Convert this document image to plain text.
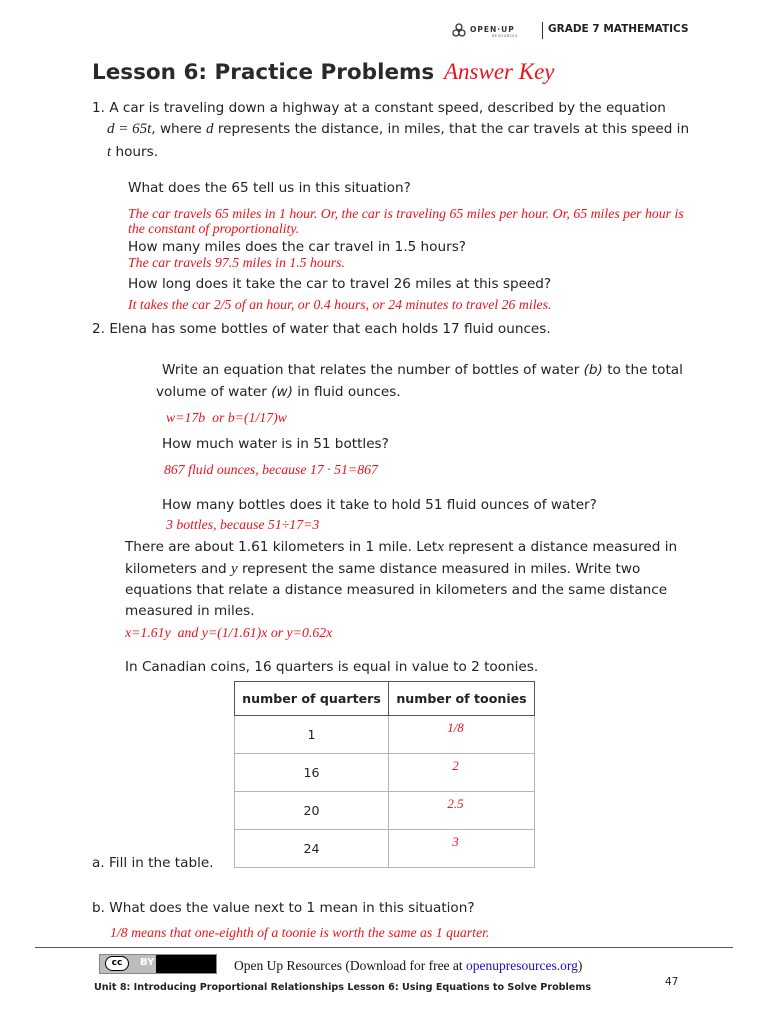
OPEN·UP
RESOURCES
GRADE 7 MATHEMATICS
Lesson 6: Practice Problems Answer Key
1. A car is traveling down a highway at a constant speed, described by the equation
d = 65t, where d represents the distance, in miles, that the car travels at this speed in
t hours.
What does the 65 tell us in this situation?
The car travels 65 miles in 1 hour. Or, the car is traveling 65 miles per hour. Or, 65 miles per hour is
the constant of proportionality.
How many miles does the car travel in 1.5 hours?
The car travels 97.5 miles in 1.5 hours.
How long does it take the car to travel 26 miles at this speed?
It takes the car 2/5 of an hour, or 0.4 hours, or 24 minutes to travel 26 miles.
2. Elena has some bottles of water that each holds 17 fluid ounces.
Write an equation that relates the number of bottles of water (b) to the total
volume of water (w) in fluid ounces.
w=17b  or b=(1/17)w
How much water is in 51 bottles?
867 fluid ounces, because 17 · 51=867
How many bottles does it take to hold 51 fluid ounces of water?
3 bottles, because 51÷17=3
There are about 1.61 kilometers in 1 mile. Letx represent a distance measured in
kilometers and y represent the same distance measured in miles. Write two
equations that relate a distance measured in kilometers and the same distance
measured in miles.
x=1.61y  and y=(1/1.61)x or y=0.62x
In Canadian coins, 16 quarters is equal in value to 2 toonies.
number of quarters	number of toonies
1	1/8
16	2
20	2.5
24	3
a. Fill in the table.
b. What does the value next to 1 mean in this situation?
1/8 means that one-eighth of a toonie is worth the same as 1 quarter.
cc	BY	Open Up Resources (Download for free at openupresources.org)
47
Unit 8: Introducing Proportional Relationships Lesson 6: Using Equations to Solve Problems
